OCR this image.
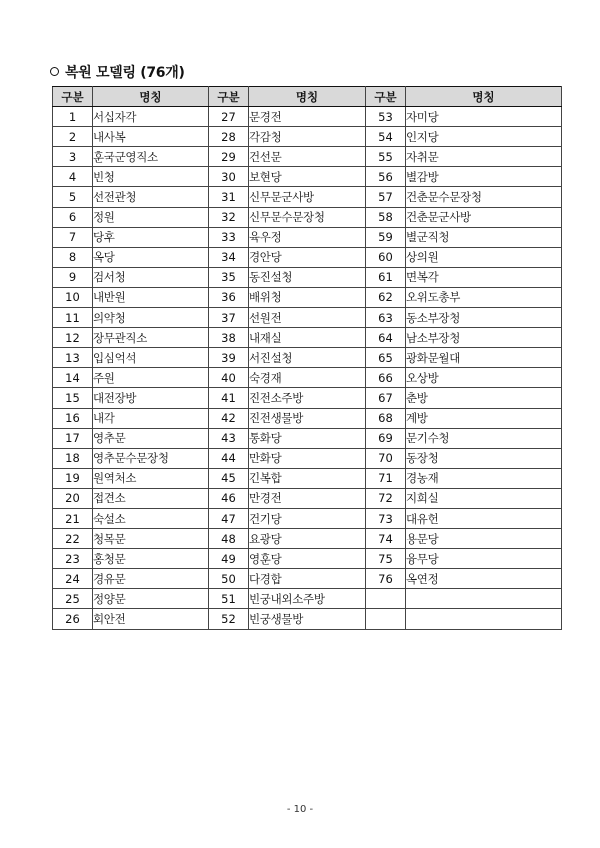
복원 모델링 (76개)
구분	명칭	구분	명칭	구분	명칭
1	서십자각	27	문경전	53	자미당
2	내사복	28	각감청	54	인지당
3	훈국군영직소	29	건선문	55	자취문
4	빈청	30	보현당	56	별감방
5	선전관청	31	신무문군사방	57	건춘문수문장청
6	정원	32	신무문수문장청	58	건춘문군사방
7	당후	33	육우정	59	별군직청
8	옥당	34	경안당	60	상의원
9	검서청	35	동진설청	61	면복각
10	내반원	36	배위청	62	오위도총부
11	의약청	37	선원전	63	동소부장청
12	장무관직소	38	내재실	64	남소부장청
13	입심억석	39	서진설청	65	광화문월대
14	주원	40	숙경재	66	오상방
15	대전장방	41	진전소주방	67	춘방
16	내각	42	진전생물방	68	계방
17	영추문	43	통화당	69	문기수청
18	영추문수문장청	44	만화당	70	동장청
19	원역처소	45	긴복합	71	경농재
20	접견소	46	만경전	72	지희실
21	숙설소	47	건기당	73	대유헌
22	청목문	48	요광당	74	용문당
23	홍청문	49	영훈당	75	융무당
24	경유문	50	다경합	76	옥연정
25	정양문	51	빈궁내외소주방		
26	회안전	52	빈궁생물방		
- 10 -
